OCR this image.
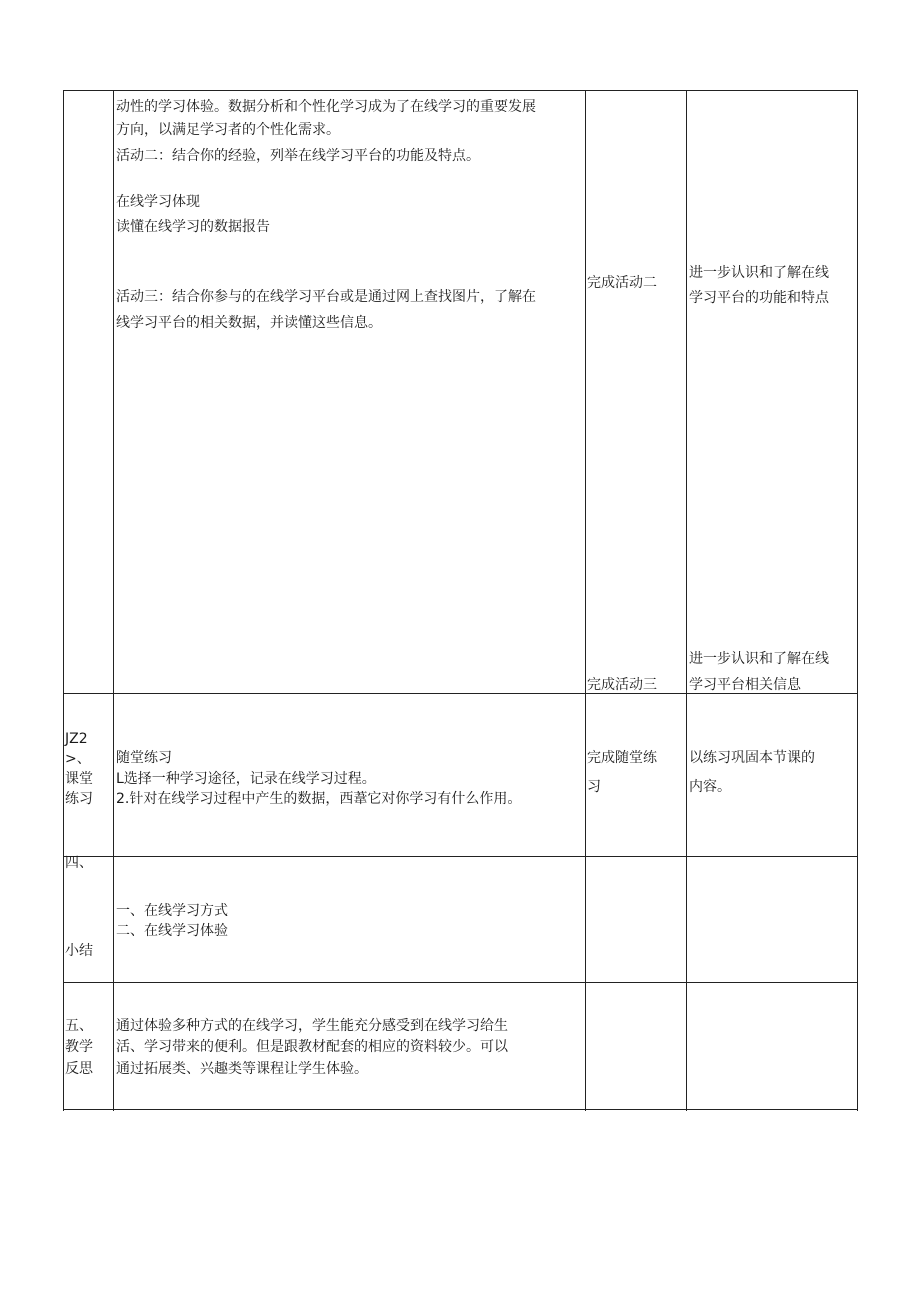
动性的学习体验。数据分析和个性化学习成为了在线学习的重要发展
方向，以满足学习者的个性化需求。
活动二：结合你的经验，列举在线学习平台的功能及特点。
在线学习体现
读懂在线学习的数据报告
活动三：结合你参与的在线学习平台或是通过网上查找图片，了解在
线学习平台的相关数据，并读懂这些信息。
完成活动二
完成活动三
进一步认识和了解在线
学习平台的功能和特点
进一步认识和了解在线
学习平台相关信息
JZ2
>、
课堂
练习
随堂练习
L选择一种学习途径，记录在线学习过程。
2.针对在线学习过程中产生的数据，西葦它对你学习有什么作用。
完成随堂练
习
以练习巩固本节课的
内容。
四、
小结
一、在线学习方式
二、在线学习体验
五、
教学
反思
通过体验多种方式的在线学习，学生能充分感受到在线学习给生
活、学习带来的便利。但是跟教材配套的相应的资料较少。可以
通过拓展类、兴趣类等课程让学生体验。
